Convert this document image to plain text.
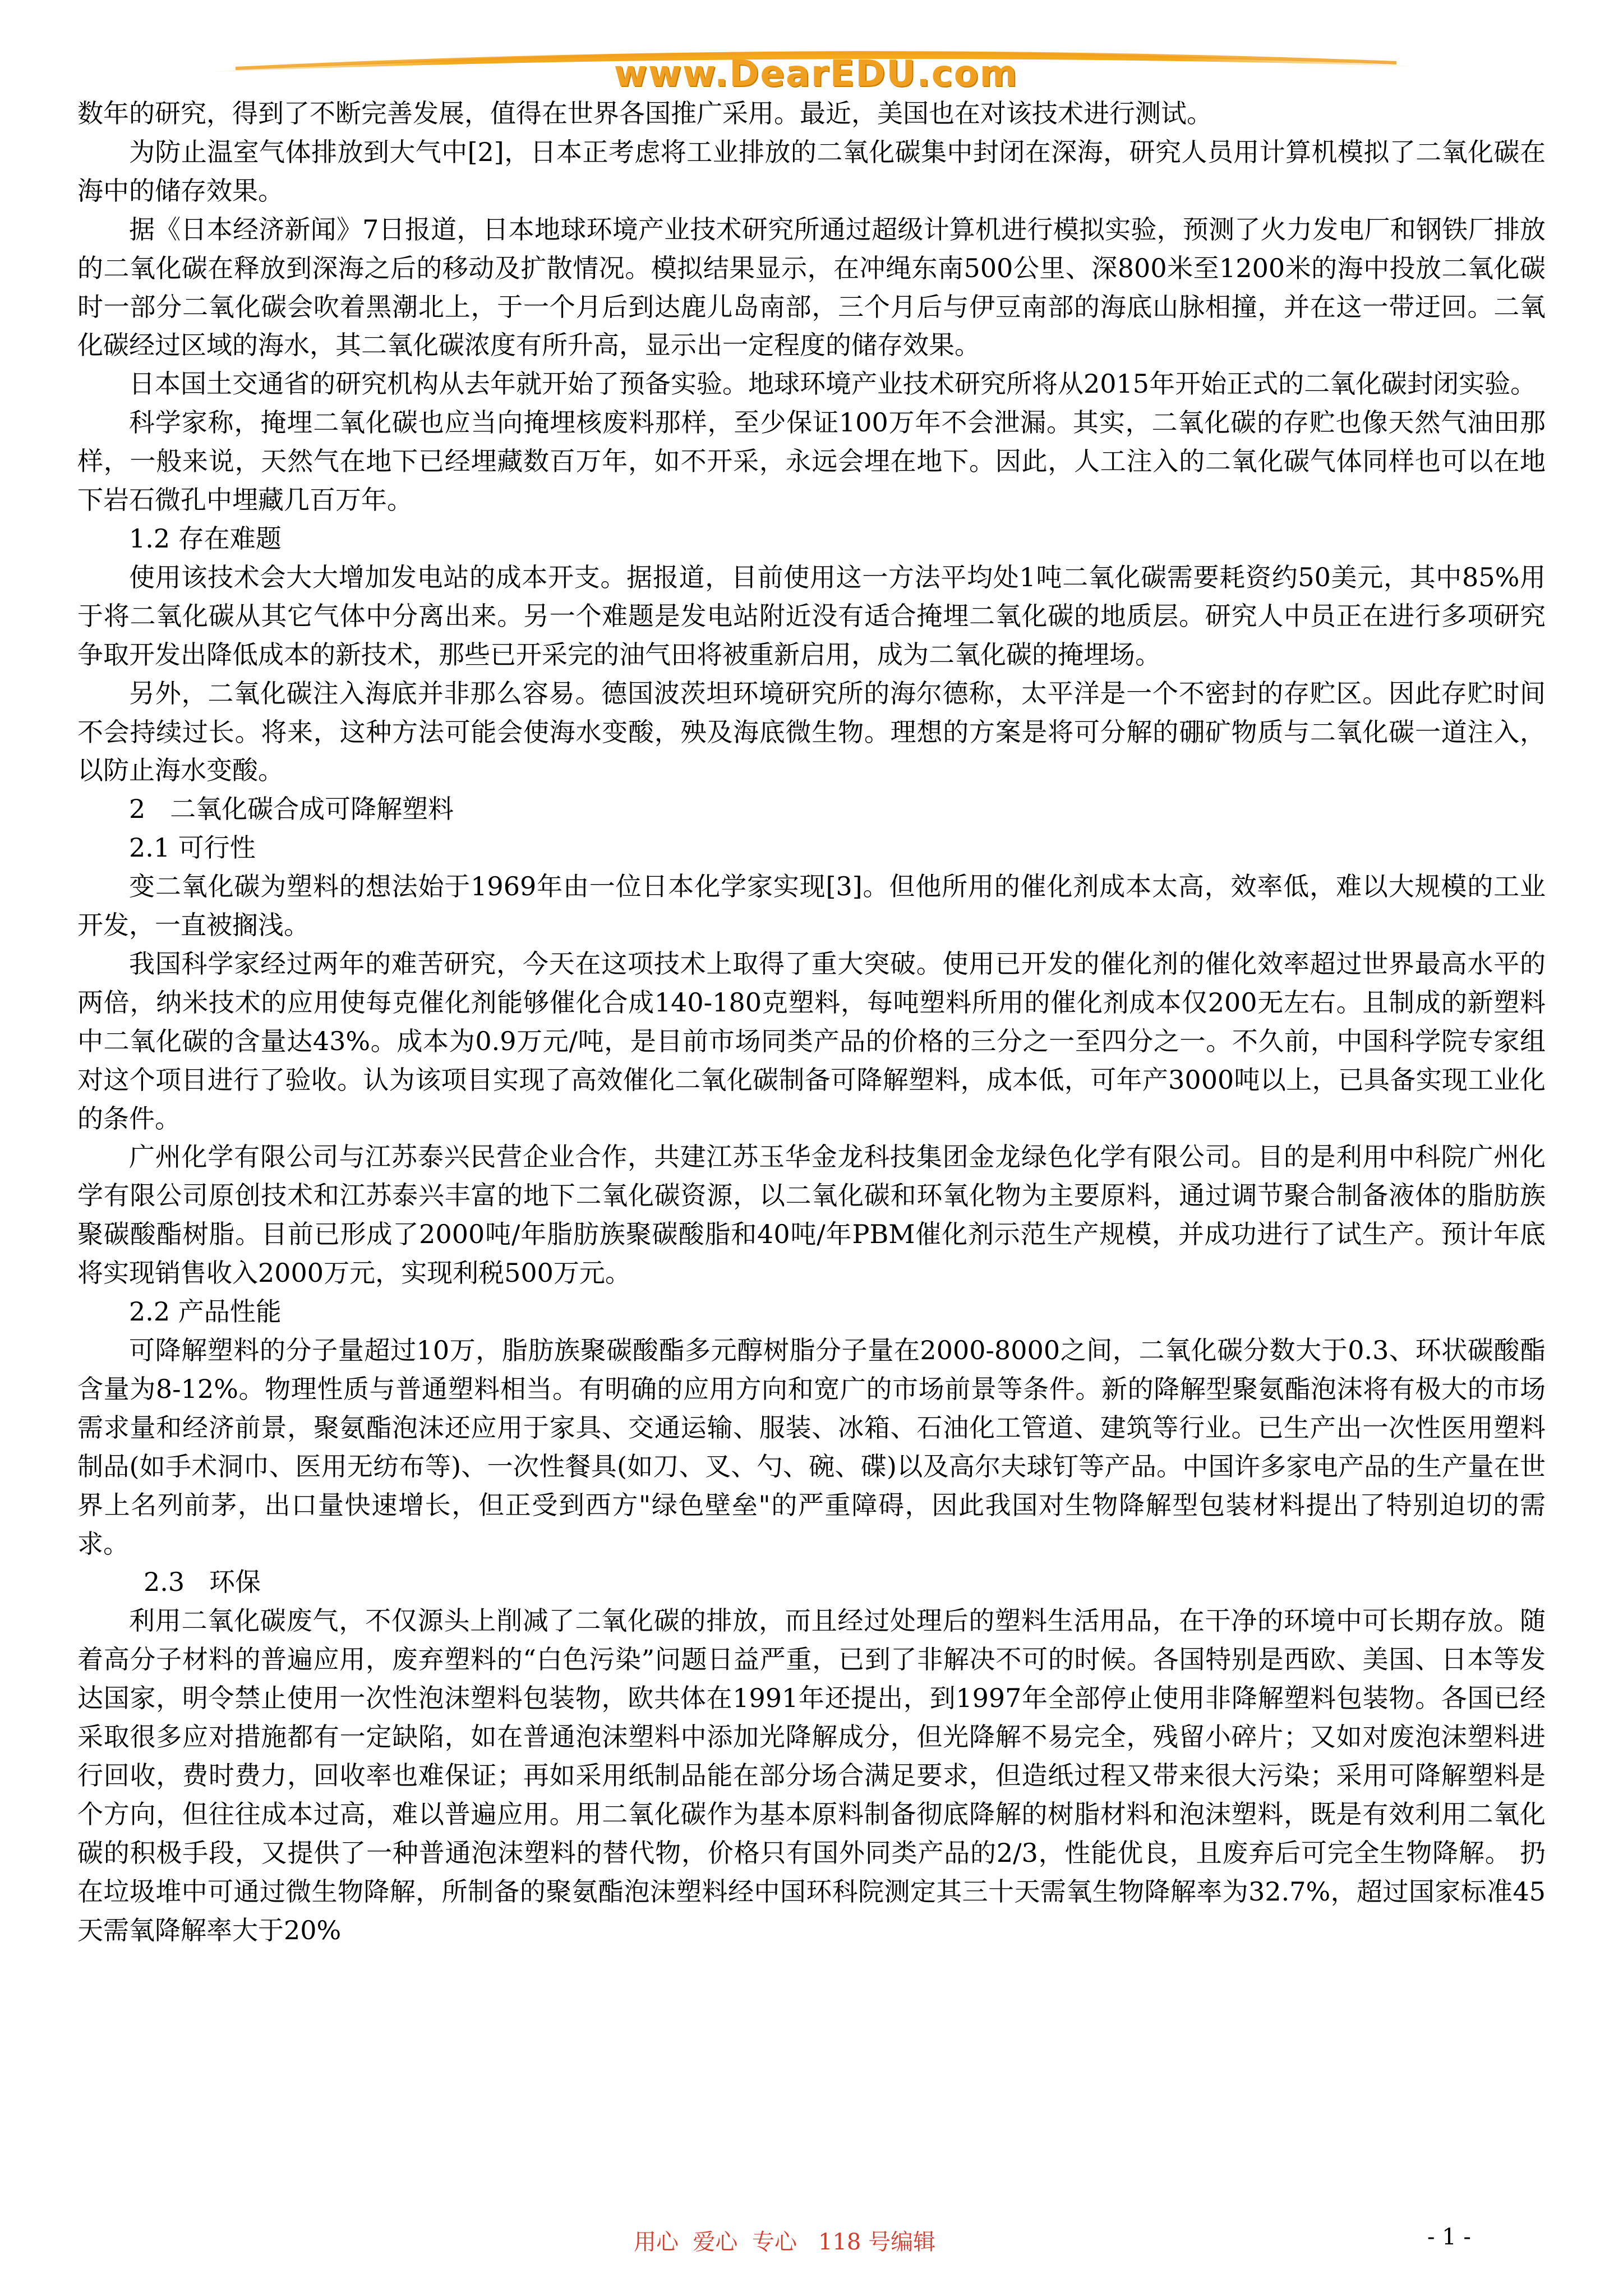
www.DearEDU.com

数年的研究，得到了不断完善发展，值得在世界各国推广采用。最近，美国也在对该技术进行测试。

为防止温室气体排放到大气中[2]，日本正考虑将工业排放的二氧化碳集中封闭在深海，研究人员用计算机模拟了二氧化碳在海中的储存效果。

据《日本经济新闻》7日报道，日本地球环境产业技术研究所通过超级计算机进行模拟实验，预测了火力发电厂和钢铁厂排放的二氧化碳在释放到深海之后的移动及扩散情况。模拟结果显示，在冲绳东南500公里、深800米至1200米的海中投放二氧化碳时一部分二氧化碳会吹着黑潮北上，于一个月后到达鹿儿岛南部，三个月后与伊豆南部的海底山脉相撞，并在这一带迂回。二氧化碳经过区域的海水，其二氧化碳浓度有所升高，显示出一定程度的储存效果。

日本国土交通省的研究机构从去年就开始了预备实验。地球环境产业技术研究所将从2015年开始正式的二氧化碳封闭实验。

科学家称，掩埋二氧化碳也应当向掩埋核废料那样，至少保证100万年不会泄漏。其实，二氧化碳的存贮也像天然气油田那样，一般来说，天然气在地下已经埋藏数百万年，如不开采，永远会埋在地下。因此，人工注入的二氧化碳气体同样也可以在地下岩石微孔中埋藏几百万年。

1.2 存在难题

使用该技术会大大增加发电站的成本开支。据报道，目前使用这一方法平均处1吨二氧化碳需要耗资约50美元，其中85%用于将二氧化碳从其它气体中分离出来。另一个难题是发电站附近没有适合掩埋二氧化碳的地质层。研究人中员正在进行多项研究争取开发出降低成本的新技术，那些已开采完的油气田将被重新启用，成为二氧化碳的掩埋场。

另外，二氧化碳注入海底并非那么容易。德国波茨坦环境研究所的海尔德称，太平洋是一个不密封的存贮区。因此存贮时间不会持续过长。将来，这种方法可能会使海水变酸，殃及海底微生物。理想的方案是将可分解的硼矿物质与二氧化碳一道注入，以防止海水变酸。

2   二氧化碳合成可降解塑料

2.1 可行性

变二氧化碳为塑料的想法始于1969年由一位日本化学家实现[3]。但他所用的催化剂成本太高，效率低，难以大规模的工业开发，一直被搁浅。

我国科学家经过两年的难苦研究，今天在这项技术上取得了重大突破。使用已开发的催化剂的催化效率超过世界最高水平的两倍，纳米技术的应用使每克催化剂能够催化合成140-180克塑料，每吨塑料所用的催化剂成本仅200无左右。且制成的新塑料中二氧化碳的含量达43%。成本为0.9万元/吨，是目前市场同类产品的价格的三分之一至四分之一。不久前，中国科学院专家组对这个项目进行了验收。认为该项目实现了高效催化二氧化碳制备可降解塑料，成本低，可年产3000吨以上，已具备实现工业化的条件。

广州化学有限公司与江苏泰兴民营企业合作，共建江苏玉华金龙科技集团金龙绿色化学有限公司。目的是利用中科院广州化学有限公司原创技术和江苏泰兴丰富的地下二氧化碳资源，以二氧化碳和环氧化物为主要原料，通过调节聚合制备液体的脂肪族聚碳酸酯树脂。目前已形成了2000吨/年脂肪族聚碳酸脂和40吨/年PBM催化剂示范生产规模，并成功进行了试生产。预计年底将实现销售收入2000万元，实现利税500万元。

2.2 产品性能

可降解塑料的分子量超过10万，脂肪族聚碳酸酯多元醇树脂分子量在2000-8000之间，二氧化碳分数大于0.3、环状碳酸酯含量为8-12%。物理性质与普通塑料相当。有明确的应用方向和宽广的市场前景等条件。新的降解型聚氨酯泡沫将有极大的市场需求量和经济前景，聚氨酯泡沫还应用于家具、交通运输、服装、冰箱、石油化工管道、建筑等行业。已生产出一次性医用塑料制品(如手术洞巾、医用无纺布等)、一次性餐具(如刀、叉、勺、碗、碟)以及高尔夫球钉等产品。中国许多家电产品的生产量在世界上名列前茅，出口量快速增长，但正受到西方"绿色壁垒"的严重障碍，因此我国对生物降解型包装材料提出了特别迫切的需求。

2.3   环保

利用二氧化碳废气，不仅源头上削减了二氧化碳的排放，而且经过处理后的塑料生活用品，在干净的环境中可长期存放。随着高分子材料的普遍应用，废弃塑料的“白色污染”问题日益严重，已到了非解决不可的时候。各国特别是西欧、美国、日本等发达国家，明令禁止使用一次性泡沫塑料包装物，欧共体在1991年还提出，到1997年全部停止使用非降解塑料包装物。各国已经采取很多应对措施都有一定缺陷，如在普通泡沫塑料中添加光降解成分，但光降解不易完全，残留小碎片；又如对废泡沫塑料进行回收，费时费力，回收率也难保证；再如采用纸制品能在部分场合满足要求，但造纸过程又带来很大污染；采用可降解塑料是个方向，但往往成本过高，难以普遍应用。用二氧化碳作为基本原料制备彻底降解的树脂材料和泡沫塑料，既是有效利用二氧化碳的积极手段，又提供了一种普通泡沫塑料的替代物，价格只有国外同类产品的2/3，性能优良，且废弃后可完全生物降解。 扔在垃圾堆中可通过微生物降解，所制备的聚氨酯泡沫塑料经中国环科院测定其三十天需氧生物降解率为32.7%，超过国家标准45天需氧降解率大于20%

用心  爱心  专心   118 号编辑	- 1 -
